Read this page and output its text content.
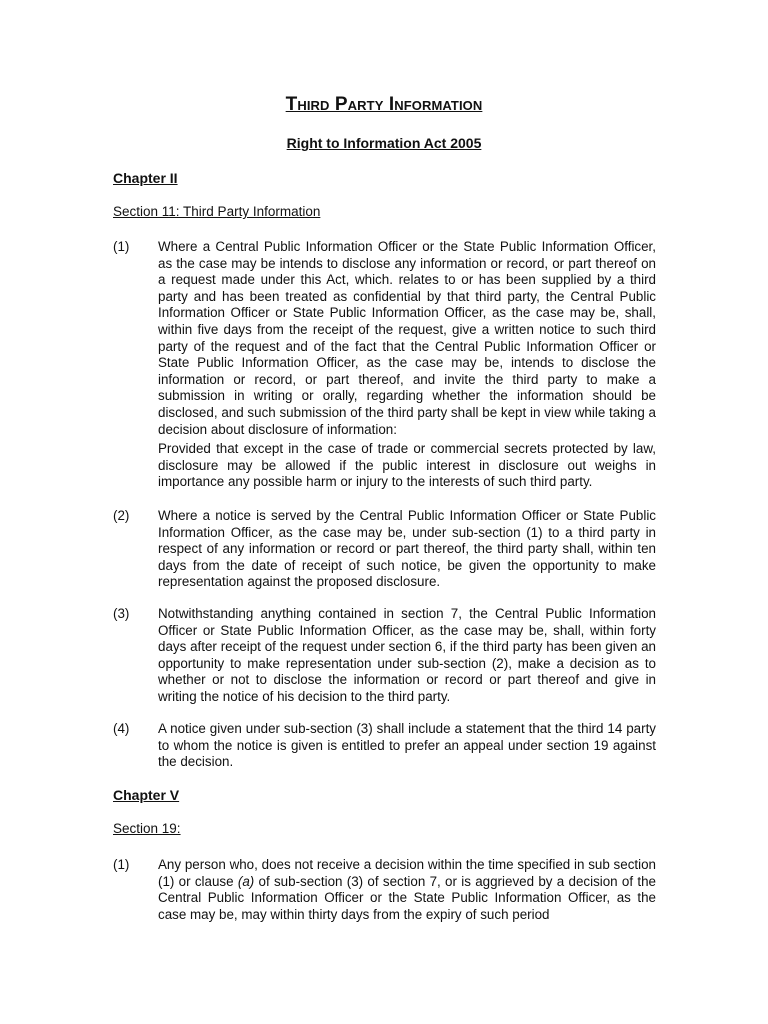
Third Party Information
Right to Information Act 2005
Chapter II
Section 11: Third Party Information
(1) Where a Central Public Information Officer or the State Public Information Officer, as the case may be intends to disclose any information or record, or part thereof on a request made under this Act, which. relates to or has been supplied by a third party and has been treated as confidential by that third party, the Central Public Information Officer or State Public Information Officer, as the case may be, shall, within five days from the receipt of the request, give a written notice to such third party of the request and of the fact that the Central Public Information Officer or State Public Information Officer, as the case may be, intends to disclose the information or record, or part thereof, and invite the third party to make a submission in writing or orally, regarding whether the information should be disclosed, and such submission of the third party shall be kept in view while taking a decision about disclosure of information:

Provided that except in the case of trade or commercial secrets protected by law, disclosure may be allowed if the public interest in disclosure out weighs in importance any possible harm or injury to the interests of such third party.

(2) Where a notice is served by the Central Public Information Officer or State Public Information Officer, as the case may be, under sub-section (1) to a third party in respect of any information or record or part thereof, the third party shall, within ten days from the date of receipt of such notice, be given the opportunity to make representation against the proposed disclosure.

(3) Notwithstanding anything contained in section 7, the Central Public Information Officer or State Public Information Officer, as the case may be, shall, within forty days after receipt of the request under section 6, if the third party has been given an opportunity to make representation under sub-section (2), make a decision as to whether or not to disclose the information or record or part thereof and give in writing the notice of his decision to the third party.

(4) A notice given under sub-section (3) shall include a statement that the third 14 party to whom the notice is given is entitled to prefer an appeal under section 19 against the decision.

Chapter V
Section 19:
(1) Any person who, does not receive a decision within the time specified in sub section (1) or clause (a) of sub-section (3) of section 7, or is aggrieved by a decision of the Central Public Information Officer or the State Public Information Officer, as the case may be, may within thirty days from the expiry of such period
